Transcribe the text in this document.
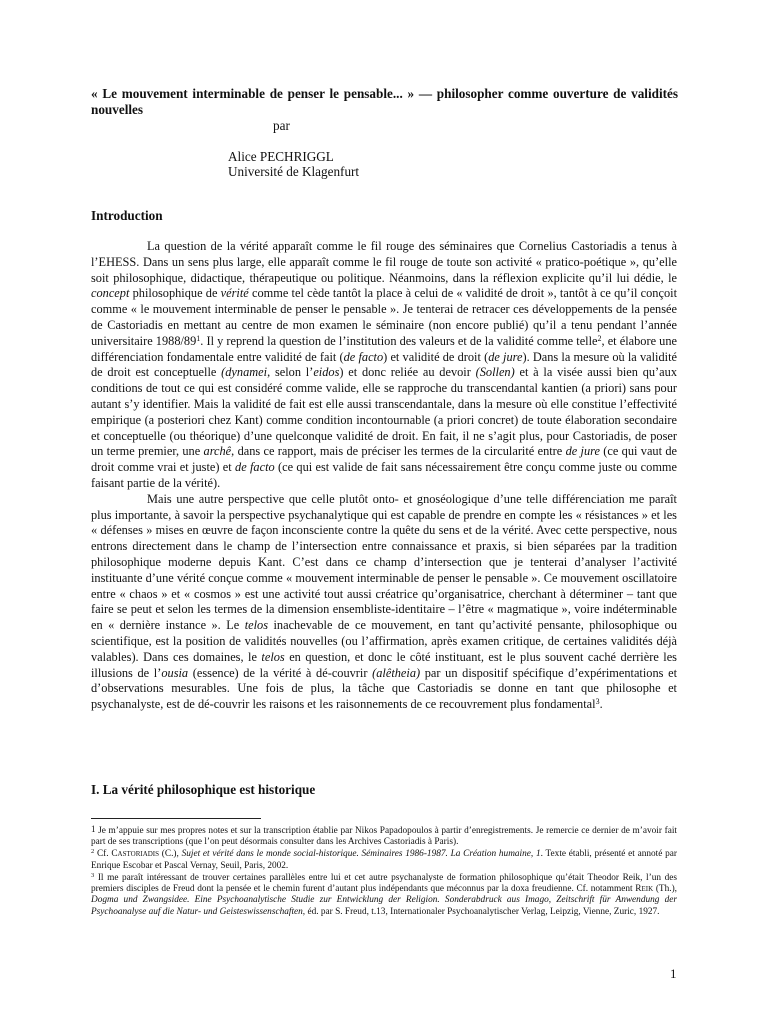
« Le mouvement interminable de penser le pensable... » — philosopher comme ouverture de validités nouvelles
par
Alice PECHRIGGL
Université de Klagenfurt
Introduction

La question de la vérité apparaît comme le fil rouge des séminaires que Cornelius Castoriadis a tenus à l’EHESS. Dans un sens plus large, elle apparaît comme le fil rouge de toute son activité « pratico-poétique », qu’elle soit philosophique, didactique, thérapeutique ou politique. Néanmoins, dans la réflexion explicite qu’il lui dédie, le concept philosophique de vérité comme tel cède tantôt la place à celui de « validité de droit », tantôt à ce qu’il conçoit comme « le mouvement interminable de penser le pensable ». Je tenterai de retracer ces développements de la pensée de Castoriadis en mettant au centre de mon examen le séminaire (non encore publié) qu’il a tenu pendant l’année universitaire $1988/89^1$. Il y reprend la question de l’institution des valeurs et de la validité comme telle$^2$, et élabore une différenciation fondamentale entre validité de fait (de facto) et validité de droit (de jure). Dans la mesure où la validité de droit est conceptuelle (dynamei, selon l’eidos) et donc reliée au devoir (Sollen) et à la visée aussi bien qu’aux conditions de tout ce qui est considéré comme valide, elle se rapproche du transcendantal kantien (a priori) sans pour autant s’y identifier. Mais la validité de fait est elle aussi transcendantale, dans la mesure où elle constitue l’effectivité empirique (a posteriori chez Kant) comme condition incontournable (a priori concret) de toute élaboration secondaire et conceptuelle (ou théorique) d’une quelconque validité de droit. En fait, il ne s’agit plus, pour Castoriadis, de poser un terme premier, une archê, dans ce rapport, mais de préciser les termes de la circularité entre de jure (ce qui vaut de droit comme vrai et juste) et de facto (ce qui est valide de fait sans nécessairement être conçu comme juste ou comme faisant partie de la vérité).

Mais une autre perspective que celle plutôt onto- et gnoséologique d’une telle différenciation me paraît plus importante, à savoir la perspective psychanalytique qui est capable de prendre en compte les « résistances » et les « défenses » mises en œuvre de façon inconsciente contre la quête du sens et de la vérité. Avec cette perspective, nous entrons directement dans le champ de l’intersection entre connaissance et praxis, si bien séparées par la tradition philosophique moderne depuis Kant. C’est dans ce champ d’intersection que je tenterai d’analyser l’activité instituante d’une vérité conçue comme « mouvement interminable de penser le pensable ». Ce mouvement oscillatoire entre « chaos » et « cosmos » est une activité tout aussi créatrice qu’organisatrice, cherchant à déterminer – tant que faire se peut et selon les termes de la dimension ensembliste-identitaire – l’être « magmatique », voire indéterminable en « dernière instance ». Le telos inachevable de ce mouvement, en tant qu’activité pensante, philosophique ou scientifique, est la position de validités nouvelles (ou l’affirmation, après examen critique, de certaines validités déjà valables). Dans ces domaines, le telos en question, et donc le côté instituant, est le plus souvent caché derrière les illusions de l’ousia (essence) de la vérité à dé-couvrir (alêtheia) par un dispositif spécifique d’expérimentations et d’observations mesurables. Une fois de plus, la tâche que Castoriadis se donne en tant que philosophe et psychanalyste, est de dé-couvrir les raisons et les raisonnements de ce recouvrement plus fondamental$^3$.

I. La vérité philosophique est historique

$^1$ Je m’appuie sur mes propres notes et sur la transcription établie par Nikos Papadopoulos à partir d’enregistrements. Je remercie ce dernier de m’avoir fait part de ses transcriptions (que l’on peut désormais consulter dans les Archives Castoriadis à Paris).

$^2$ Cf. Castoriadis (C.), Sujet et vérité dans le monde social-historique. Séminaires 1986-1987. La Création humaine, 1. Texte établi, présenté et annoté par Enrique Escobar et Pascal Vernay, Seuil, Paris, 2002.

$^3$ Il me paraît intéressant de trouver certaines parallèles entre lui et cet autre psychanalyste de formation philosophique qu’était Theodor Reik, l’un des premiers disciples de Freud dont la pensée et le chemin furent d’autant plus indépendants que méconnus par la doxa freudienne. Cf. notamment Reik (Th.), Dogma und Zwangsidee. Eine Psychoanalytische Studie zur Entwicklung der Religion. Sonderabdruck aus Imago, Zeitschrift für Anwendung der Psychoanalyse auf die Natur- und Geisteswissenschaften, éd. par S. Freud, t.13, Internationaler Psychoanalytischer Verlag, Leipzig, Vienne, Zuric, 1927.

1
